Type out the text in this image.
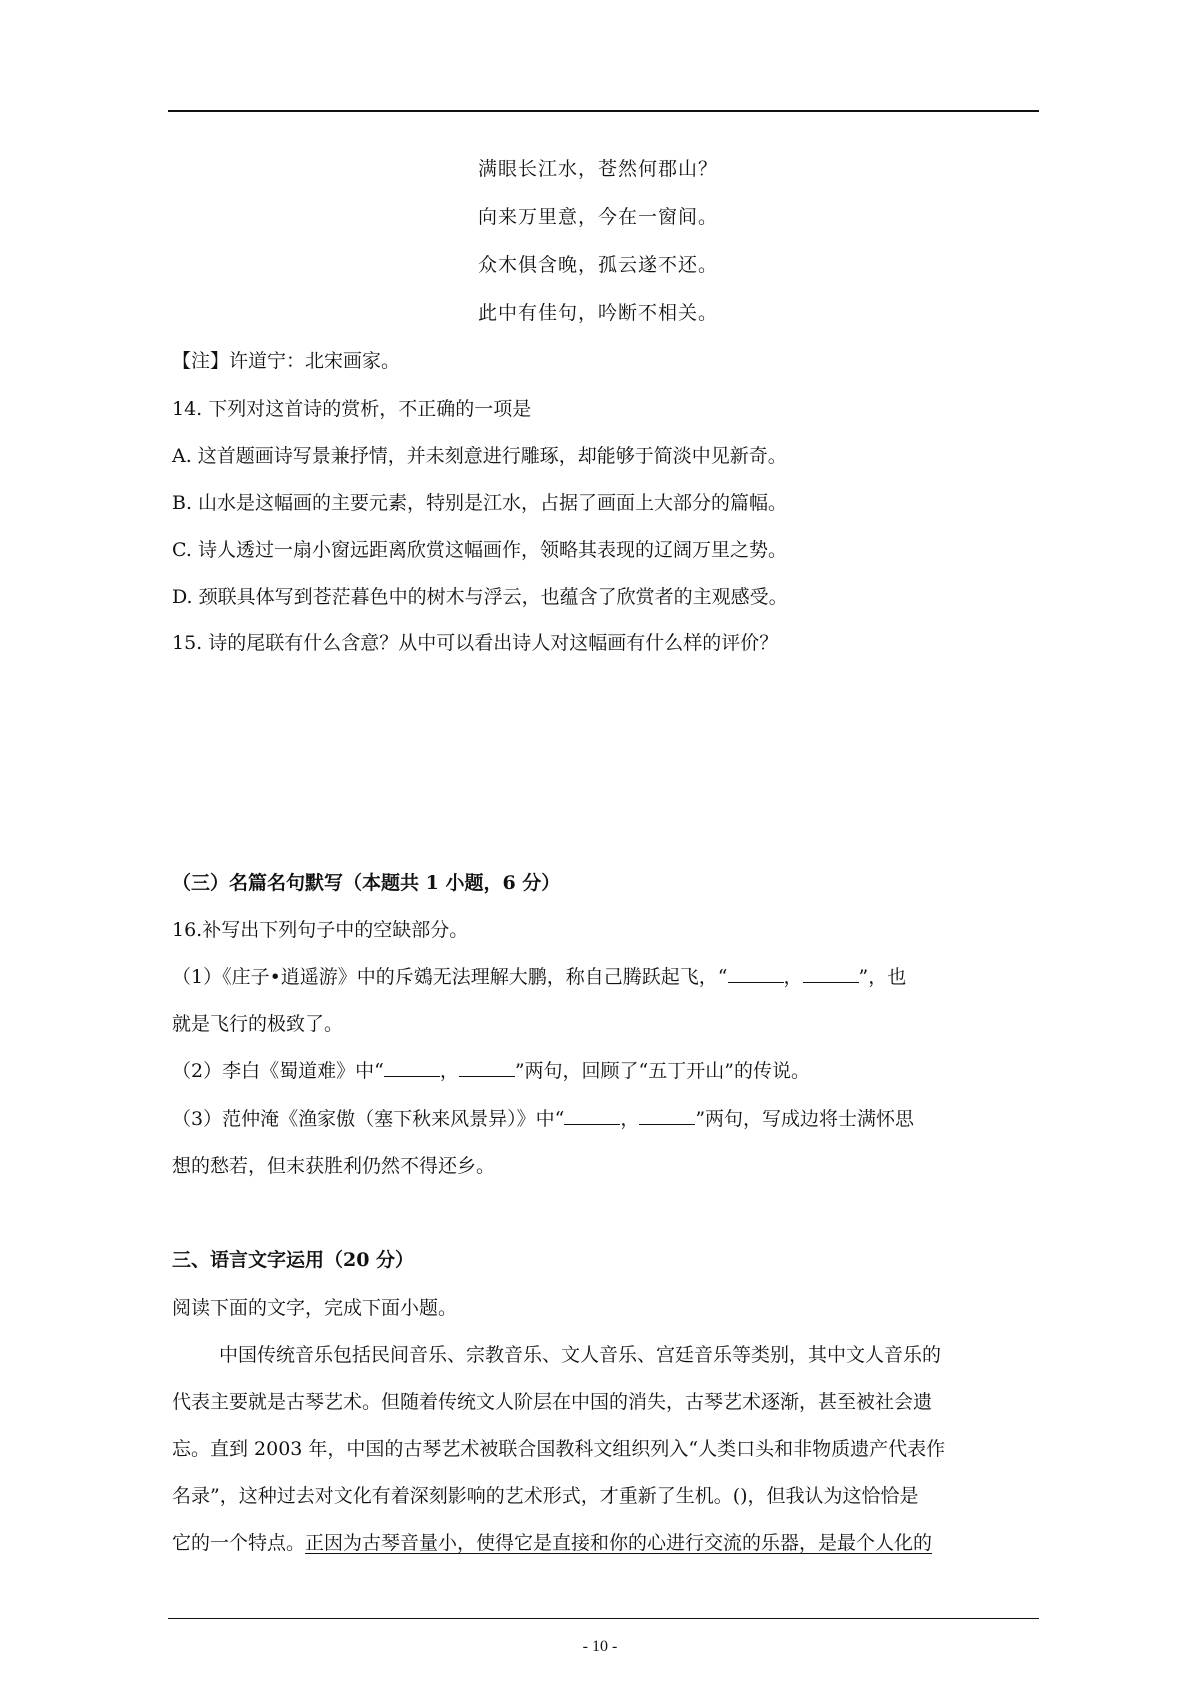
满眼长江水，苍然何郡山？
向来万里意，今在一窗间。
众木俱含晚，孤云遂不还。
此中有佳句，吟断不相关。
【注】许道宁：北宋画家。
14. 下列对这首诗的赏析，不正确的一项是
A. 这首题画诗写景兼抒情，并未刻意进行雕琢，却能够于简淡中见新奇。
B. 山水是这幅画的主要元素，特别是江水，占据了画面上大部分的篇幅。
C. 诗人透过一扇小窗远距离欣赏这幅画作，领略其表现的辽阔万里之势。
D. 颈联具体写到苍茫暮色中的树木与浮云，也蕴含了欣赏者的主观感受。
15. 诗的尾联有什么含意？从中可以看出诗人对这幅画有什么样的评价？
（三）名篇名句默写（本题共 1 小题，6 分）
16.补写出下列句子中的空缺部分。
（1）《庄子•逍遥游》中的斥鴳无法理解大鹏，称自己腾跃起飞，“	，	”，也
就是飞行的极致了。
（2）李白《蜀道难》中“	，	”两句，回顾了“五丁开山”的传说。
（3）范仲淹《渔家傲（塞下秋来风景异）》中“	，	”两句，写成边将士满怀思
想的愁若，但末获胜利仍然不得还乡。
三、语言文字运用（20 分）
阅读下面的文字，完成下面小题。
中国传统音乐包括民间音乐、宗教音乐、文人音乐、宫廷音乐等类别，其中文人音乐的
代表主要就是古琴艺术。但随着传统文人阶层在中国的消失，古琴艺术逐渐，甚至被社会遗
忘。直到 2003 年，中国的古琴艺术被联合国教科文组织列入“人类口头和非物质遗产代表作
名录”，这种过去对文化有着深刻影响的艺术形式，才重新了生机。()，但我认为这恰恰是
它的一个特点。正因为古琴音量小，使得它是直接和你的心进行交流的乐器，是最个人化的
- 10 -
